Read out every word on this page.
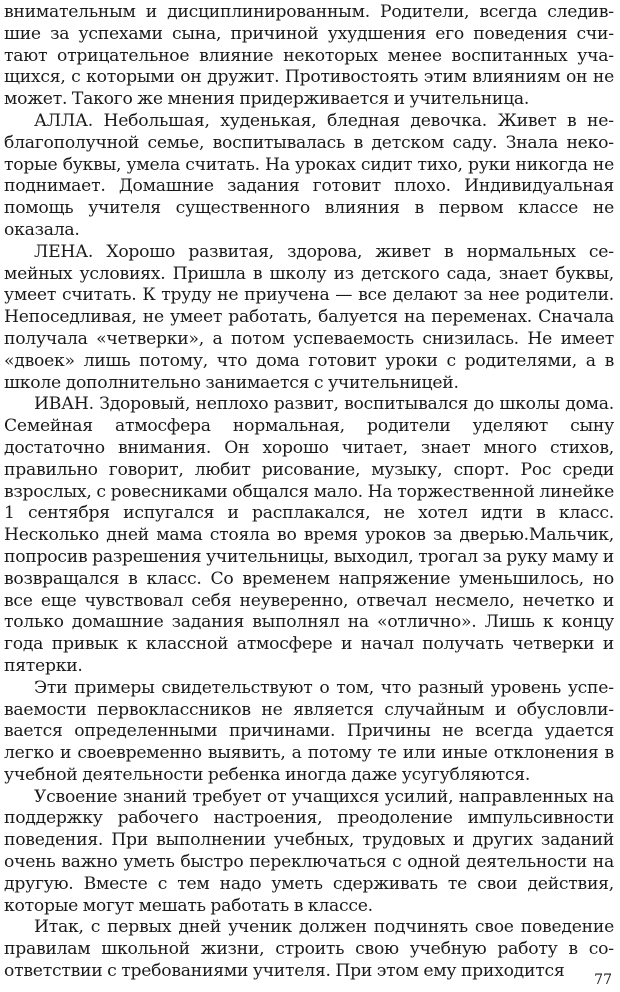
внимательным и дисциплинированным. Родители, всегда следившие за успехами сына, причиной ухудшения его поведения считают отрицательное влияние некоторых менее воспитанных учащихся, с которыми он дружит. Противостоять этим влияниям он не может. Такого же мнения придерживается и учительница.

АЛЛА. Небольшая, худенькая, бледная девочка. Живет в неблагополучной семье, воспитывалась в детском саду. Знала некоторые буквы, умела считать. На уроках сидит тихо, руки никогда не поднимает. Домашние задания готовит плохо. Индивидуальная помощь учителя существенного влияния в первом классе не оказала.

ЛЕНА. Хорошо развитая, здорова, живет в нормальных семейных условиях. Пришла в школу из детского сада, знает буквы, умеет считать. К труду не приучена — все делают за нее родители. Непоседливая, не умеет работать, балуется на переменах. Сначала получала «четверки», а потом успеваемость снизилась. Не имеет «двоек» лишь потому, что дома готовит уроки с родителями, а в школе дополнительно занимается с учительницей.

ИВАН. Здоровый, неплохо развит, воспитывался до школы дома. Семейная атмосфера нормальная, родители уделяют сыну достаточно внимания. Он хорошо читает, знает много стихов, правильно говорит, любит рисование, музыку, спорт. Рос среди взрослых, с ровесниками общался мало. На торжественной линейке 1 сентября испугался и расплакался, не хотел идти в класс. Несколько дней мама стояла во время уроков за дверью.Мальчик, попросив разрешения учительницы, выходил, трогал за руку маму и возвращался в класс. Со временем напряжение уменьшилось, но все еще чувствовал себя неуверенно, отвечал несмело, нечетко и только домашние задания выполнял на «отлично». Лишь к концу года привык к классной атмосфере и начал получать четверки и пятерки.

Эти примеры свидетельствуют о том, что разный уровень успеваемости первоклассников не является случайным и обусловливается определенными причинами. Причины не всегда удается легко и своевременно выявить, а потому те или иные отклонения в учебной деятельности ребенка иногда даже усугубляются.

Усвоение знаний требует от учащихся усилий, направленных на поддержку рабочего настроения, преодоление импульсивности поведения. При выполнении учебных, трудовых и других заданий очень важно уметь быстро переключаться с одной деятельности на другую. Вместе с тем надо уметь сдерживать те свои действия, которые могут мешать работать в классе.

Итак, с первых дней ученик должен подчинять свое поведение правилам школьной жизни, строить свою учебную работу в соответствии с требованиями учителя. При этом ему приходится	77
